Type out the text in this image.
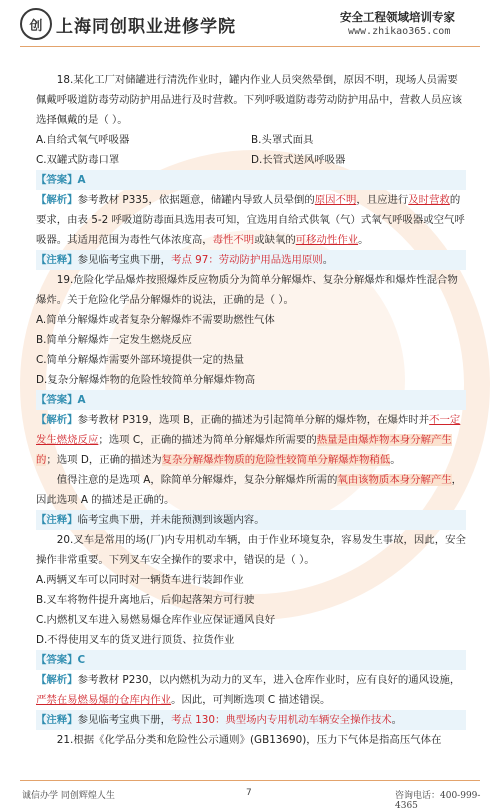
创 上海同创职业进修学院	安全工程领域培训专家
www.zhikao365.com

18.某化工厂对储罐进行清洗作业时，罐内作业人员突然晕倒，原因不明，现场人员需要佩戴呼吸道防毒劳动防护用品进行及时营救。下列呼吸道防毒劳动防护用品中，营救人员应该选择佩戴的是（ ）。

A.自给式氧气呼吸器	B.头罩式面具
C.双罐式防毒口罩	D.长管式送风呼吸器

【答案】A

【解析】参考教材 P335，依据题意，储罐内导致人员晕倒的原因不明，且应进行及时营救的要求，由表 5-2 呼吸道防毒面具选用表可知，宜选用自给式供氧（气）式氧气呼吸器或空气呼吸器。其适用范围为毒性气体浓度高，毒性不明或缺氧的可移动性作业。

【注释】参见临考宝典下册，考点 97：劳动防护用品选用原则。

19.危险化学品爆炸按照爆炸反应物质分为简单分解爆炸、复杂分解爆炸和爆炸性混合物爆炸。关于危险化学品分解爆炸的说法，正确的是（ ）。

A.简单分解爆炸或者复杂分解爆炸不需要助燃性气体

B.简单分解爆炸一定发生燃烧反应

C.简单分解爆炸需要外部环境提供一定的热量

D.复杂分解爆炸物的危险性较简单分解爆炸物高

【答案】A

【解析】参考教材 P319，选项 B，正确的描述为引起简单分解的爆炸物，在爆炸时并不一定发生燃烧反应；选项 C，正确的描述为简单分解爆炸所需要的热量是由爆炸物本身分解产生的；选项 D，正确的描述为复杂分解爆炸物质的危险性较简单分解爆炸物稍低。

值得注意的是选项 A，除简单分解爆炸，复杂分解爆炸所需的氧由该物质本身分解产生，因此选项 A 的描述是正确的。

【注释】临考宝典下册，并未能预测到该题内容。

20.叉车是常用的场(厂)内专用机动车辆，由于作业环境复杂，容易发生事故，因此，安全操作非常重要。下列叉车安全操作的要求中，错误的是（ ）。

A.两辆叉车可以同时对一辆货车进行装卸作业

B.叉车将物件提升离地后，后仰起落架方可行驶

C.内燃机叉车进入易燃易爆仓库作业应保证通风良好

D.不得使用叉车的货叉进行顶货、拉货作业

【答案】C

【解析】参考教材 P230，以内燃机为动力的叉车，进入仓库作业时，应有良好的通风设施，严禁在易燃易爆的仓库内作业。因此，可判断选项 C 描述错误。

【注释】参见临考宝典下册，考点 130：典型场内专用机动车辆安全操作技术。

21.根据《化学品分类和危险性公示通则》(GB13690)，压力下气体是指高压气体在

诚信办学 同创辉煌人生	7	咨询电话：400-999-4365
